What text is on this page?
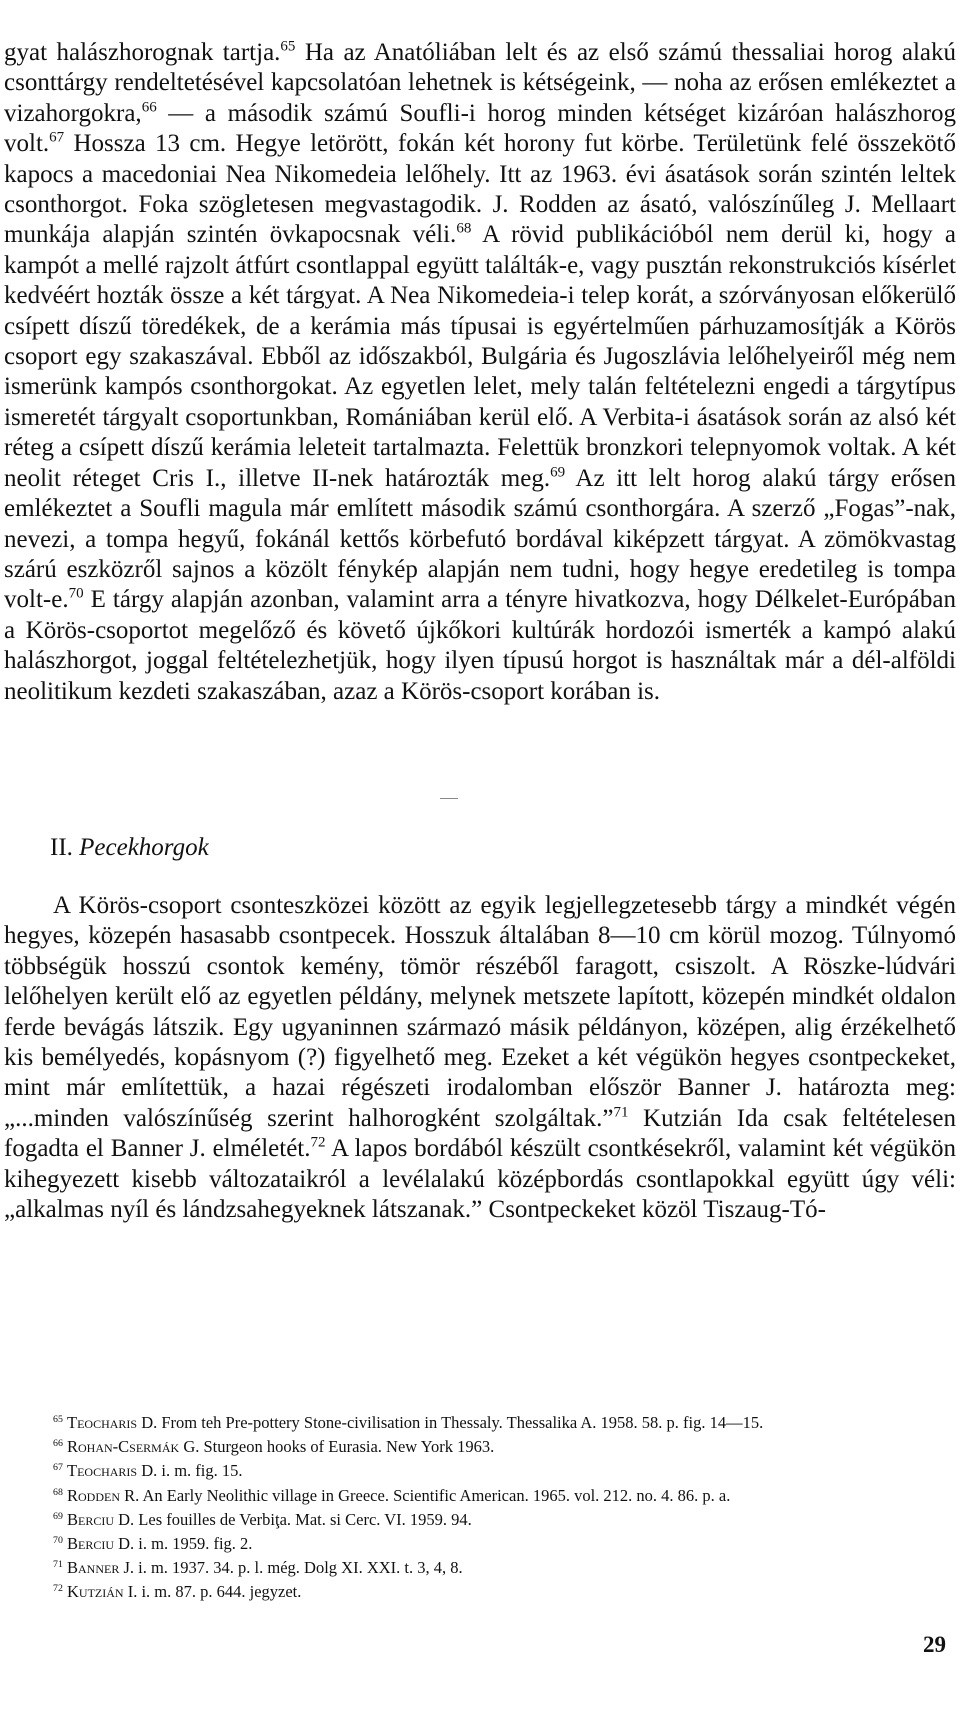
gyat halászhorognak tartja.$^{65}$ Ha az Anatóliában lelt és az első számú thessaliai horog alakú csonttárgy rendeltetésével kapcsolatóan lehetnek is kétségeink, — noha az erősen emlékeztet a vizahorgokra,$^{66}$ — a második számú Soufli-i horog minden kétséget kizáróan halászhorog volt.$^{67}$ Hossza 13 cm. Hegye letörött, fokán két horony fut körbe. Területünk felé összekötő kapocs a macedoniai Nea Nikomedeia lelőhely. Itt az 1963. évi ásatások során szintén leltek csonthorgot. Foka szögletesen megvastagodik. J. Rodden az ásató, valószínűleg J. Mellaart munkája alapján szintén övkapocsnak véli.$^{68}$ A rövid publikációból nem derül ki, hogy a kampót a mellé rajzolt átfúrt csontlappal együtt találták-e, vagy pusztán rekonstrukciós kísérlet kedvéért hozták össze a két tárgyat. A Nea Nikomedeia-i telep korát, a szórványosan előkerülő csípett díszű töredékek, de a kerámia más típusai is egyértelműen párhuzamosítják a Körös csoport egy szakaszával. Ebből az időszakból, Bulgária és Jugoszlávia lelőhelyeiről még nem ismerünk kampós csonthorgokat. Az egyetlen lelet, mely talán feltételezni engedi a tárgytípus ismeretét tárgyalt csoportunkban, Romániában kerül elő. A Verbita-i ásatások során az alsó két réteg a csípett díszű kerámia leleteit tartalmazta. Felettük bronzkori telepnyomok voltak. A két neolit réteget Cris I., illetve II-nek határozták meg.$^{69}$ Az itt lelt horog alakú tárgy erősen emlékeztet a Soufli magula már említett második számú csonthorgára. A szerző „Fogas”-nak, nevezi, a tompa hegyű, fokánál kettős körbefutó bordával kiképzett tárgyat. A zömökvastag szárú eszközről sajnos a közölt fénykép alapján nem tudni, hogy hegye eredetileg is tompa volt-e.$^{70}$ E tárgy alapján azonban, valamint arra a tényre hivatkozva, hogy Délkelet-Európában a Körös-csoportot megelőző és követő újkőkori kultúrák hordozói ismerték a kampó alakú halászhorgot, joggal feltételezhetjük, hogy ilyen típusú horgot is használtak már a dél-alföldi neolitikum kezdeti szakaszában, azaz a Körös-csoport korában is.

II. Pecekhorgok

A Körös-csoport csonteszközei között az egyik legjellegzetesebb tárgy a mindkét végén hegyes, közepén hasasabb csontpecek. Hosszuk általában 8—10 cm körül mozog. Túlnyomó többségük hosszú csontok kemény, tömör részéből faragott, csiszolt. A Röszke-lúdvári lelőhelyen került elő az egyetlen példány, melynek metszete lapított, közepén mindkét oldalon ferde bevágás látszik. Egy ugyaninnen származó másik példányon, középen, alig érzékelhető kis bemélyedés, kopásnyom (?) figyelhető meg. Ezeket a két végükön hegyes csontpeckeket, mint már említettük, a hazai régészeti irodalomban először Banner J. határozta meg: „...minden valószínűség szerint halhorogként szolgáltak.”$^{71}$ Kutzián Ida csak feltételesen fogadta el Banner J. elméletét.$^{72}$ A lapos bordából készült csontkésekről, valamint két végükön kihegyezett kisebb változataikról a levélalakú középbordás csontlapokkal együtt úgy véli: „alkalmas nyíl és lándzsahegyeknek látszanak.” Csontpeckeket közöl Tiszaug-Tó-

$^{65}$ Teocharis D. From teh Pre-pottery Stone-civilisation in Thessaly. Thessalika A. 1958. 58. p. fig. 14—15.

$^{66}$ Rohan-Csermák G. Sturgeon hooks of Eurasia. New York 1963.

$^{67}$ Teocharis D. i. m. fig. 15.

$^{68}$ Rodden R. An Early Neolithic village in Greece. Scientific American. 1965. vol. 212. no. 4. 86. p. a.

$^{69}$ Berciu D. Les fouilles de Verbiţa. Mat. si Cerc. VI. 1959. 94.

$^{70}$ Berciu D. i. m. 1959. fig. 2.

$^{71}$ Banner J. i. m. 1937. 34. p. l. még. Dolg XI. XXI. t. 3, 4, 8.

$^{72}$ Kutzián I. i. m. 87. p. 644. jegyzet.

29
